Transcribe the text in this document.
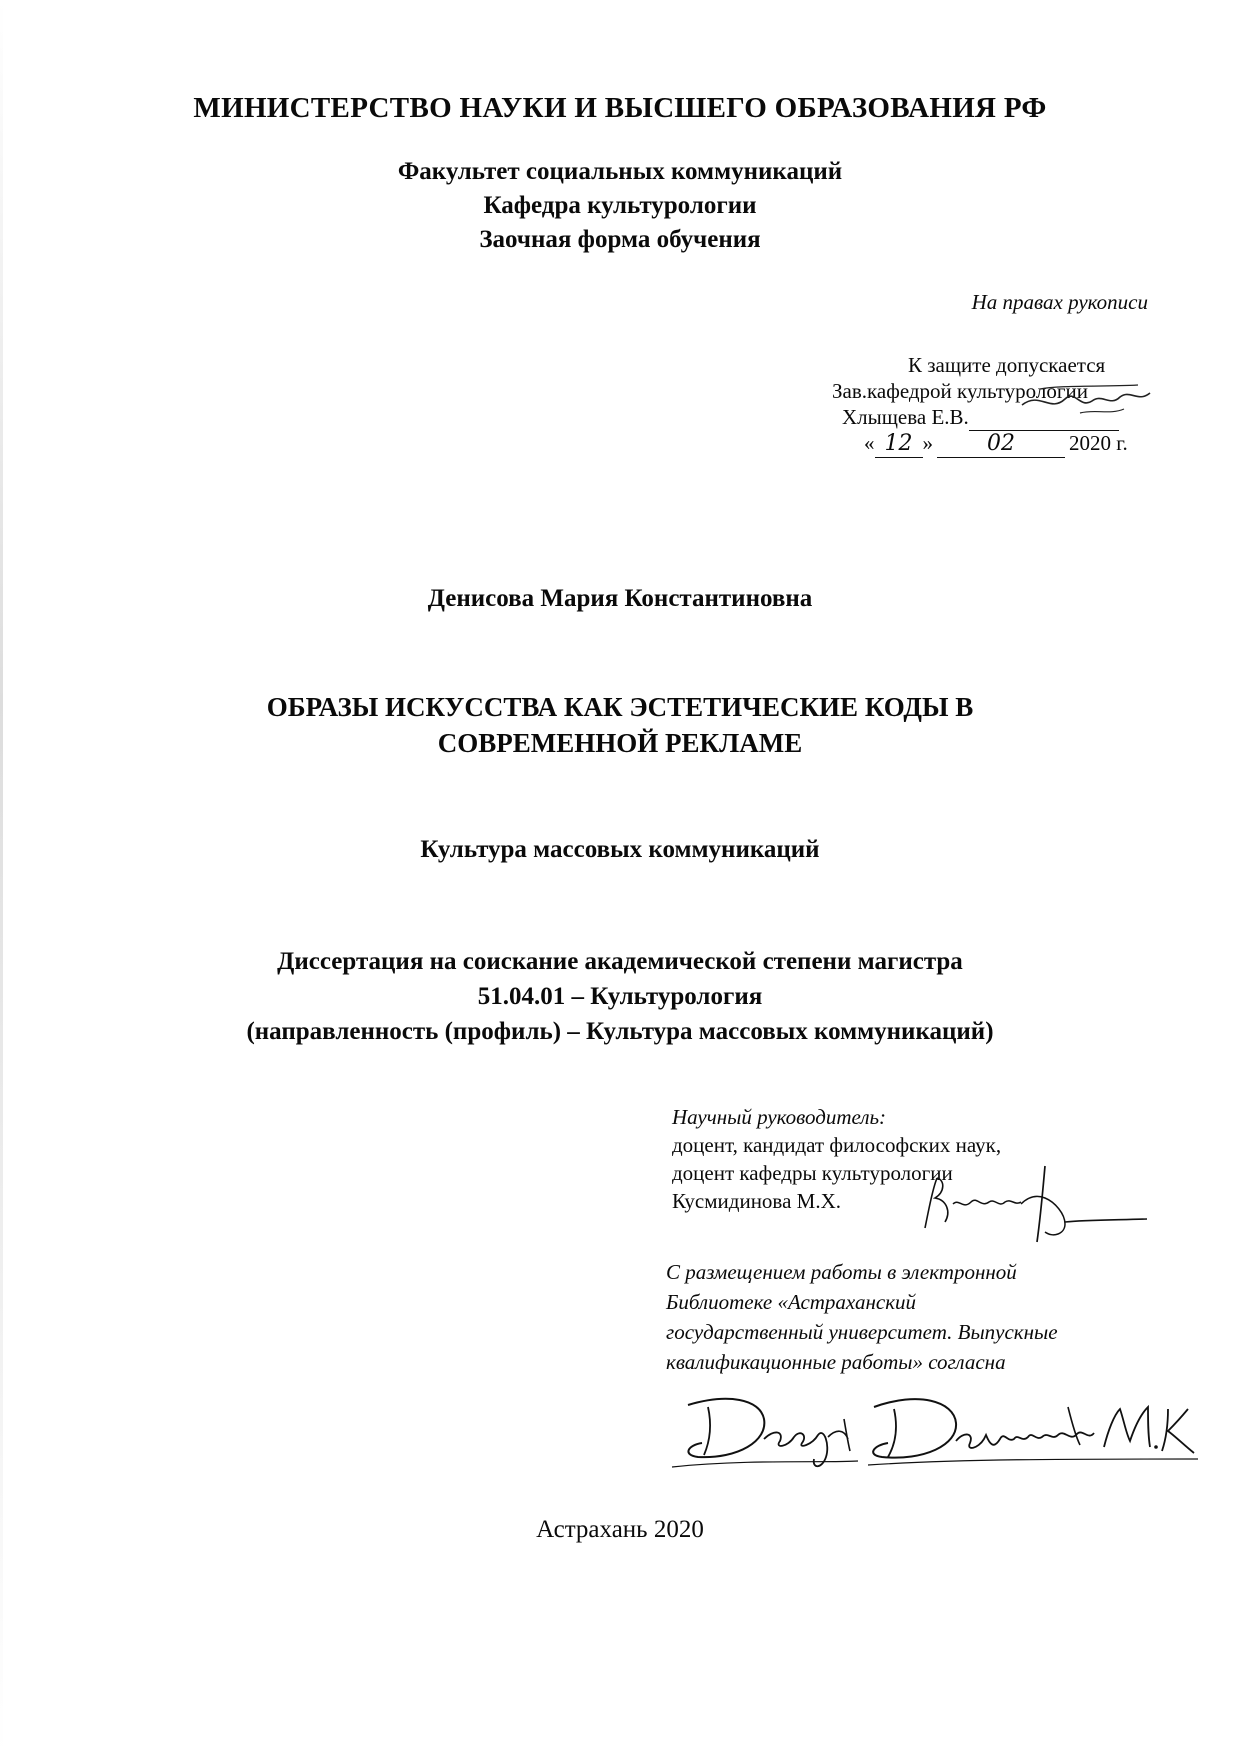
МИНИСТЕРСТВО НАУКИ И ВЫСШЕГО ОБРАЗОВАНИЯ РФ
Факультет социальных коммуникаций
Кафедра культурологии
Заочная форма обучения
На правах рукописи
К защите допускается
Зав.кафедрой культурологии
Хлыщева Е.В.
« 12 » 02	2020 г.
Денисова Мария Константиновна
ОБРАЗЫ ИСКУССТВА КАК ЭСТЕТИЧЕСКИЕ КОДЫ В
СОВРЕМЕННОЙ РЕКЛАМЕ
Культура массовых коммуникаций
Диссертация на соискание академической степени магистра
51.04.01 – Культурология
(направленность (профиль) – Культура массовых коммуникаций)
Научный руководитель:
доцент, кандидат философских наук,
доцент кафедры культурологии
Кусмидинова М.Х.
С размещением работы в электронной
Библиотеке «Астраханский
государственный университет. Выпускные
квалификационные работы» согласна
Астрахань 2020
